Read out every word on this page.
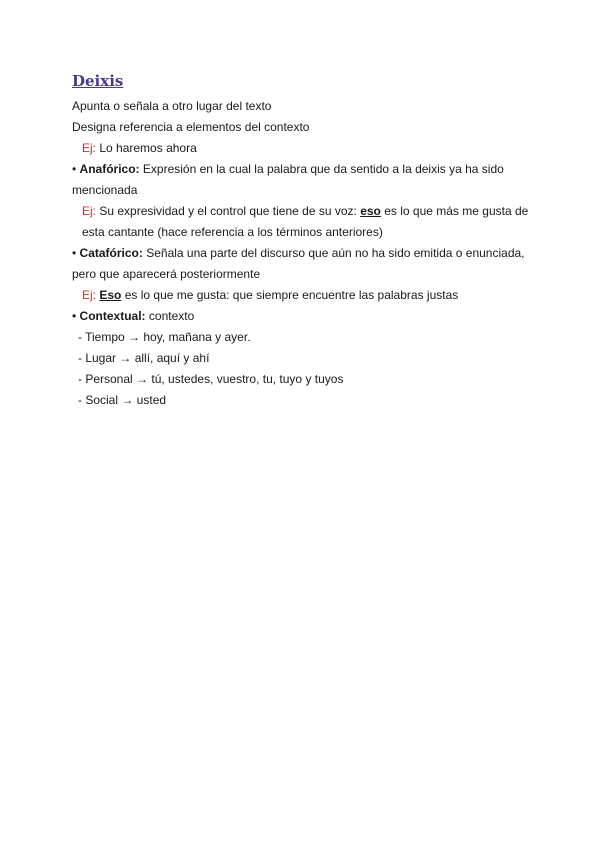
Deixis
Apunta o señala a otro lugar del texto
Designa referencia a elementos del contexto
Ej: Lo haremos ahora
• Anafórico: Expresión en la cual la palabra que da sentido a la deixis ya ha sido mencionada
Ej: Su expresividad y el control que tiene de su voz: eso es lo que más me gusta de esta cantante (hace referencia a los términos anteriores)
• Catafórico: Señala una parte del discurso que aún no ha sido emitida o enunciada, pero que aparecerá posteriormente
Ej: Eso es lo que me gusta: que siempre encuentre las palabras justas
• Contextual: contexto
- Tiempo → hoy, mañana y ayer.
- Lugar → allí, aquí y ahí
- Personal → tú, ustedes, vuestro, tu, tuyo y tuyos
- Social → usted
